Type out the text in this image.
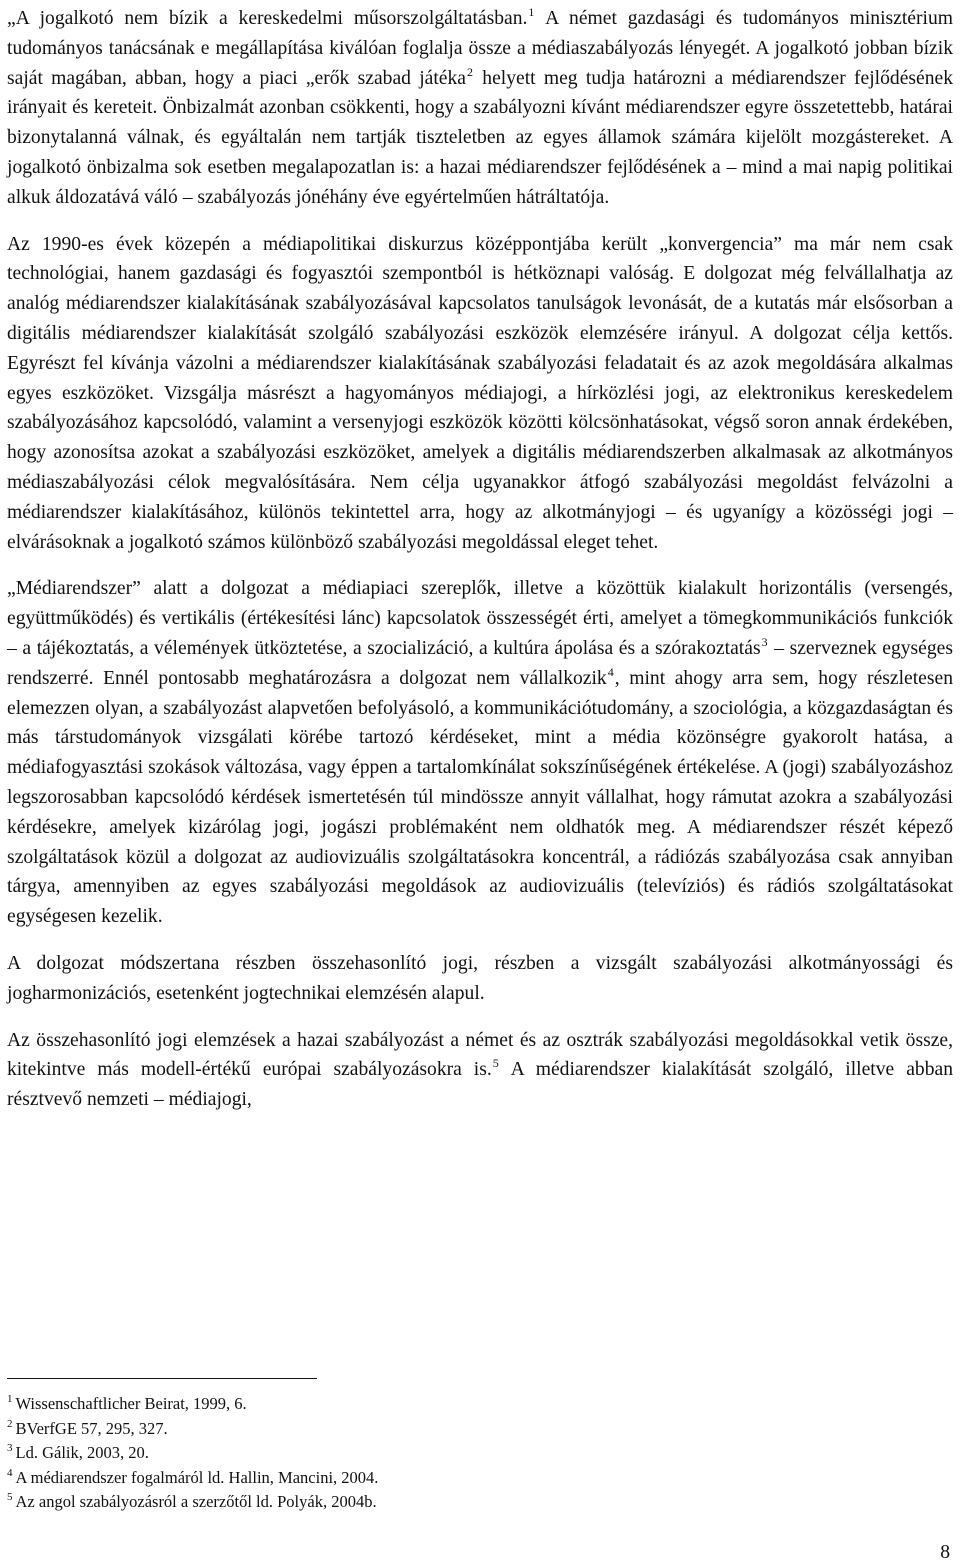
„A jogalkotó nem bízik a kereskedelmi műsorszolgáltatásban.$^1$ A német gazdasági és tudományos minisztérium tudományos tanácsának e megállapítása kiválóan foglalja össze a médiaszabályozás lényegét. A jogalkotó jobban bízik saját magában, abban, hogy a piaci „erők szabad játéka$^2$ helyett meg tudja határozni a médiarendszer fejlődésének irányait és kereteit. Önbizalmát azonban csökkenti, hogy a szabályozni kívánt médiarendszer egyre összetettebb, határai bizonytalanná válnak, és egyáltalán nem tartják tiszteletben az egyes államok számára kijelölt mozgástereket. A jogalkotó önbizalma sok esetben megalapozatlan is: a hazai médiarendszer fejlődésének a – mind a mai napig politikai alkuk áldozatává váló – szabályozás jónéhány éve egyértelműen hátráltatója.

Az 1990-es évek közepén a médiapolitikai diskurzus középpontjába került „konvergencia” ma már nem csak technológiai, hanem gazdasági és fogyasztói szempontból is hétköznapi valóság. E dolgozat még felvállalhatja az analóg médiarendszer kialakításának szabályozásával kapcsolatos tanulságok levonását, de a kutatás már elsősorban a digitális médiarendszer kialakítását szolgáló szabályozási eszközök elemzésére irányul. A dolgozat célja kettős. Egyrészt fel kívánja vázolni a médiarendszer kialakításának szabályozási feladatait és az azok megoldására alkalmas egyes eszközöket. Vizsgálja másrészt a hagyományos médiajogi, a hírközlési jogi, az elektronikus kereskedelem szabályozásához kapcsolódó, valamint a versenyjogi eszközök közötti kölcsönhatásokat, végső soron annak érdekében, hogy azonosítsa azokat a szabályozási eszközöket, amelyek a digitális médiarendszerben alkalmasak az alkotmányos médiaszabályozási célok megvalósítására. Nem célja ugyanakkor átfogó szabályozási megoldást felvázolni a médiarendszer kialakításához, különös tekintettel arra, hogy az alkotmányjogi – és ugyanígy a közösségi jogi – elvárásoknak a jogalkotó számos különböző szabályozási megoldással eleget tehet.

„Médiarendszer” alatt a dolgozat a médiapiaci szereplők, illetve a közöttük kialakult horizontális (versengés, együttműködés) és vertikális (értékesítési lánc) kapcsolatok összességét érti, amelyet a tömegkommunikációs funkciók – a tájékoztatás, a vélemények ütköztetése, a szocializáció, a kultúra ápolása és a szórakoztatás$^3$ – szerveznek egységes rendszerré. Ennél pontosabb meghatározásra a dolgozat nem vállalkozik$^4$, mint ahogy arra sem, hogy részletesen elemezzen olyan, a szabályozást alapvetően befolyásoló, a kommunikációtudomány, a szociológia, a közgazdaságtan és más társtudományok vizsgálati körébe tartozó kérdéseket, mint a média közönségre gyakorolt hatása, a médiafogyasztási szokások változása, vagy éppen a tartalomkínálat sokszínűségének értékelése. A (jogi) szabályozáshoz legszorosabban kapcsolódó kérdések ismertetésén túl mindössze annyit vállalhat, hogy rámutat azokra a szabályozási kérdésekre, amelyek kizárólag jogi, jogászi problémaként nem oldhatók meg. A médiarendszer részét képező szolgáltatások közül a dolgozat az audiovizuális szolgáltatásokra koncentrál, a rádiózás szabályozása csak annyiban tárgya, amennyiben az egyes szabályozási megoldások az audiovizuális (televíziós) és rádiós szolgáltatásokat egységesen kezelik.

A dolgozat módszertana részben összehasonlító jogi, részben a vizsgált szabályozási alkotmányossági és jogharmonizációs, esetenként jogtechnikai elemzésén alapul.

Az összehasonlító jogi elemzések a hazai szabályozást a német és az osztrák szabályozási megoldásokkal vetik össze, kitekintve más modell-értékű európai szabályozásokra is.$^5$ A médiarendszer kialakítását szolgáló, illetve abban résztvevő nemzeti – médiajogi,

$^1$ Wissenschaftlicher Beirat, 1999, 6.

$^2$ BVerfGE 57, 295, 327.

$^3$ Ld. Gálik, 2003, 20.

$^4$ A médiarendszer fogalmáról ld. Hallin, Mancini, 2004.

$^5$ Az angol szabályozásról a szerzőtől ld. Polyák, 2004b.

8
